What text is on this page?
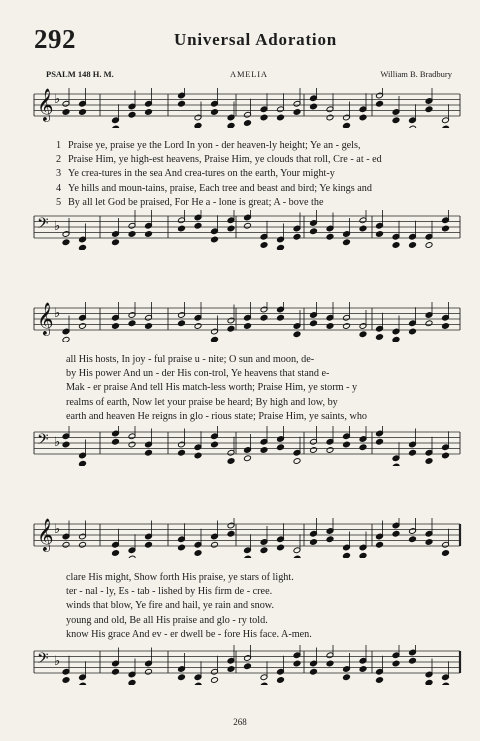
292	Universal Adoration
PSALM 148 H. M.	AMELIA	William B. Bradbury
𝄞 ♭
1 Praise ye, praise ye the Lord In yon - der heaven-ly height; Ye an - gels,
2 Praise Him, ye high-est heavens, Praise Him, ye clouds that roll, Cre - at - ed
3 Ye crea-tures in the sea And crea-tures on the earth, Your might-y
4 Ye hills and moun-tains, praise, Each tree and beast and bird; Ye kings and
5 By all let God be praised, For He a - lone is great; A - bove the
𝄢 ♭
𝄞 ♭
all His hosts, In joy - ful praise u - nite; O sun and moon, de-
by His power And un - der His con-trol, Ye heavens that stand e-
Mak - er praise And tell His match-less worth; Praise Him, ye storm - y
realms of earth, Now let your praise be heard; By high and low, by
earth and heaven He reigns in glo - rious state; Praise Him, ye saints, who
𝄢 ♭
𝄞 ♭
clare His might, Show forth His praise, ye stars of light.
ter - nal - ly, Es - tab - lished by His firm de - cree.
winds that blow, Ye fire and hail, ye rain and snow.
young and old, Be all His praise and glo - ry told.
know His grace And ev - er dwell be - fore His face. A-men.
𝄢 ♭
268
